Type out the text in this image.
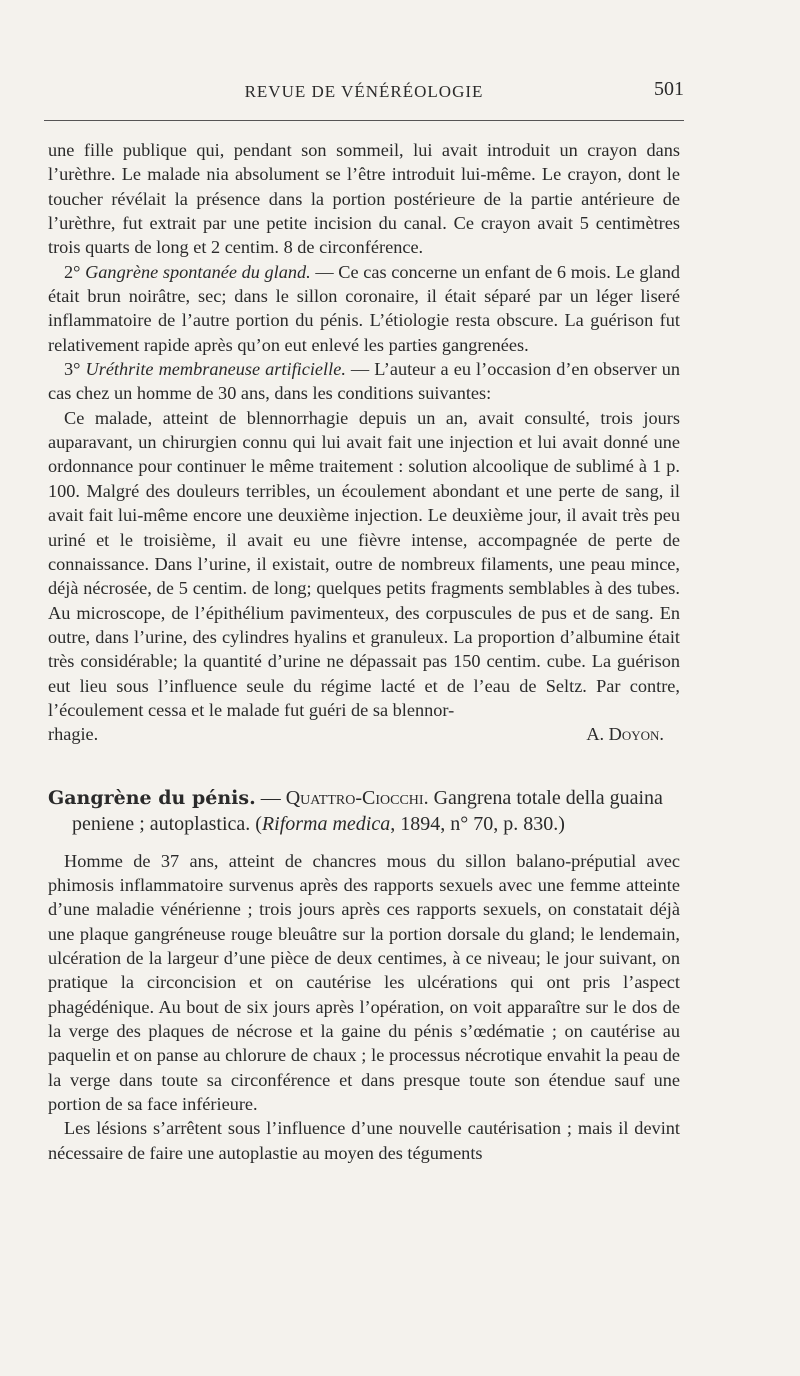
REVUE DE VÉNÉRÉOLOGIE	501

une fille publique qui, pendant son sommeil, lui avait introduit un crayon dans l’urèthre. Le malade nia absolument se l’être introduit lui-même. Le crayon, dont le toucher révélait la présence dans la portion postérieure de la partie antérieure de l’urèthre, fut extrait par une petite incision du canal. Ce crayon avait 5 centimètres trois quarts de long et 2 centim. 8 de circonférence.

2° Gangrène spontanée du gland. — Ce cas concerne un enfant de 6 mois. Le gland était brun noirâtre, sec; dans le sillon coronaire, il était séparé par un léger liseré inflammatoire de l’autre portion du pénis. L’étiologie resta obscure. La guérison fut relativement rapide après qu’on eut enlevé les parties gangrenées.

3° Uréthrite membraneuse artificielle. — L’auteur a eu l’occasion d’en observer un cas chez un homme de 30 ans, dans les conditions suivantes:

Ce malade, atteint de blennorrhagie depuis un an, avait consulté, trois jours auparavant, un chirurgien connu qui lui avait fait une injection et lui avait donné une ordonnance pour continuer le même traitement : solution alcoolique de sublimé à 1 p. 100. Malgré des douleurs terribles, un écoulement abondant et une perte de sang, il avait fait lui-même encore une deuxième injection. Le deuxième jour, il avait très peu uriné et le troisième, il avait eu une fièvre intense, accompagnée de perte de connaissance. Dans l’urine, il existait, outre de nombreux filaments, une peau mince, déjà nécrosée, de 5 centim. de long; quelques petits fragments semblables à des tubes. Au microscope, de l’épithélium pavimenteux, des corpuscules de pus et de sang. En outre, dans l’urine, des cylindres hyalins et granuleux. La proportion d’albumine était très considérable; la quantité d’urine ne dépassait pas 150 centim. cube. La guérison eut lieu sous l’influence seule du régime lacté et de l’eau de Seltz. Par contre, l’écoulement cessa et le malade fut guéri de sa blennor-

rhagie.	A. Doyon.

Gangrène du pénis. — Quattro-Ciocchi. Gangrena totale della guaina peniene ; autoplastica. (Riforma medica, 1894, n° 70, p. 830.)

Homme de 37 ans, atteint de chancres mous du sillon balano-préputial avec phimosis inflammatoire survenus après des rapports sexuels avec une femme atteinte d’une maladie vénérienne ; trois jours après ces rapports sexuels, on constatait déjà une plaque gangréneuse rouge bleuâtre sur la portion dorsale du gland; le lendemain, ulcération de la largeur d’une pièce de deux centimes, à ce niveau; le jour suivant, on pratique la circoncision et on cautérise les ulcérations qui ont pris l’aspect phagédénique. Au bout de six jours après l’opération, on voit apparaître sur le dos de la verge des plaques de nécrose et la gaine du pénis s’œdématie ; on cautérise au paquelin et on panse au chlorure de chaux ; le processus nécrotique envahit la peau de la verge dans toute sa circonférence et dans presque toute son étendue sauf une portion de sa face inférieure.

Les lésions s’arrêtent sous l’influence d’une nouvelle cautérisation ; mais il devint nécessaire de faire une autoplastie au moyen des téguments
